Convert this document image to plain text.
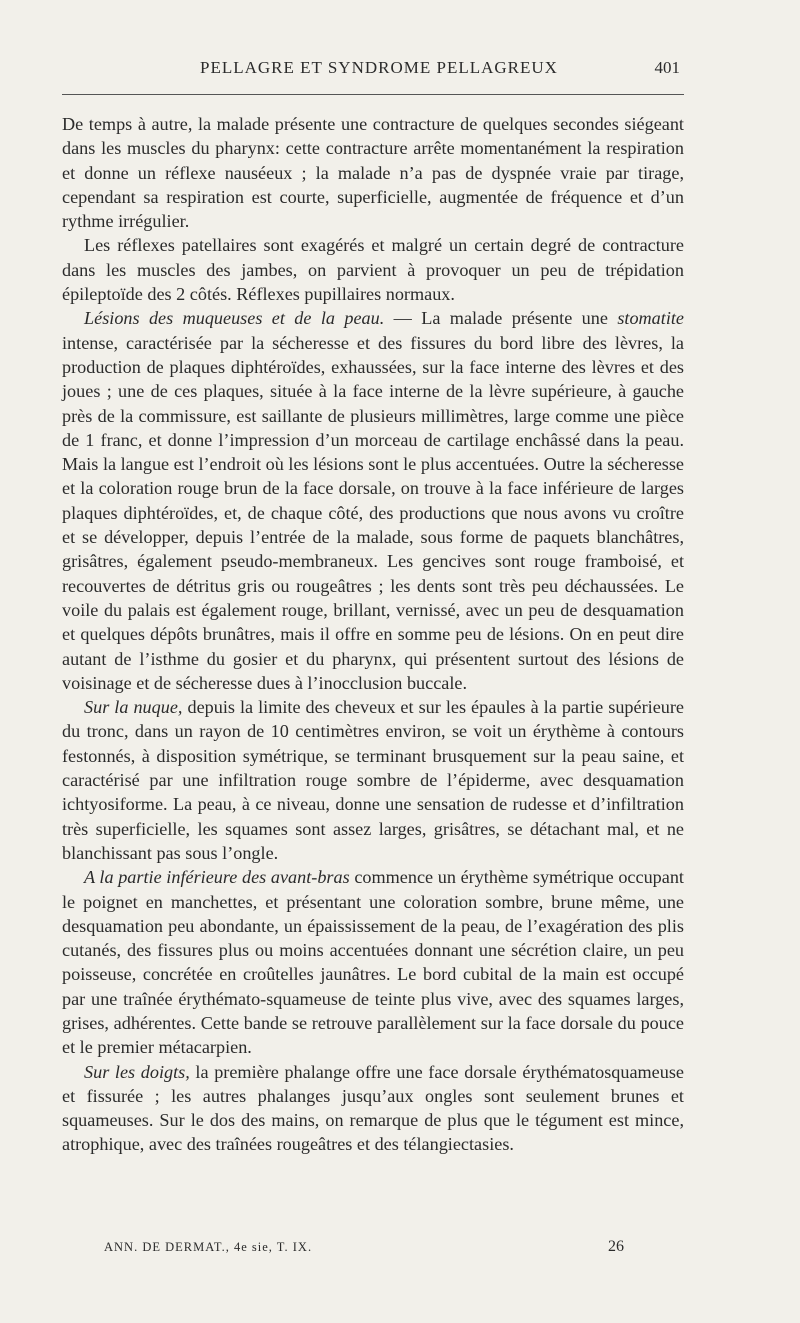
PELLAGRE ET SYNDROME PELLAGREUX	401

De temps à autre, la malade présente une contracture de quelques secondes siégeant dans les muscles du pharynx: cette contracture arrête momentanément la respiration et donne un réflexe nauséeux ; la malade n’a pas de dyspnée vraie par tirage, cependant sa respiration est courte, superficielle, augmentée de fréquence et d’un rythme irrégulier.

Les réflexes patellaires sont exagérés et malgré un certain degré de contracture dans les muscles des jambes, on parvient à provoquer un peu de trépidation épileptoïde des 2 côtés. Réflexes pupillaires normaux.

Lésions des muqueuses et de la peau. — La malade présente une stomatite intense, caractérisée par la sécheresse et des fissures du bord libre des lèvres, la production de plaques diphtéroïdes, exhaussées, sur la face interne des lèvres et des joues ; une de ces plaques, située à la face interne de la lèvre supérieure, à gauche près de la commissure, est saillante de plusieurs millimètres, large comme une pièce de 1 franc, et donne l’impression d’un morceau de cartilage enchâssé dans la peau. Mais la langue est l’endroit où les lésions sont le plus accentuées. Outre la sécheresse et la coloration rouge brun de la face dorsale, on trouve à la face inférieure de larges plaques diphtéroïdes, et, de chaque côté, des productions que nous avons vu croître et se développer, depuis l’entrée de la malade, sous forme de paquets blanchâtres, grisâtres, également pseudo-membraneux. Les gencives sont rouge framboisé, et recouvertes de détritus gris ou rougeâtres ; les dents sont très peu déchaussées. Le voile du palais est également rouge, brillant, vernissé, avec un peu de desquamation et quelques dépôts brunâtres, mais il offre en somme peu de lésions. On en peut dire autant de l’isthme du gosier et du pharynx, qui présentent surtout des lésions de voisinage et de sécheresse dues à l’inocclusion buccale.

Sur la nuque, depuis la limite des cheveux et sur les épaules à la partie supérieure du tronc, dans un rayon de 10 centimètres environ, se voit un érythème à contours festonnés, à disposition symétrique, se terminant brusquement sur la peau saine, et caractérisé par une infiltration rouge sombre de l’épiderme, avec desquamation ichtyosiforme. La peau, à ce niveau, donne une sensation de rudesse et d’infiltration très superficielle, les squames sont assez larges, grisâtres, se détachant mal, et ne blanchissant pas sous l’ongle.

A la partie inférieure des avant-bras commence un érythème symétrique occupant le poignet en manchettes, et présentant une coloration sombre, brune même, une desquamation peu abondante, un épaississement de la peau, de l’exagération des plis cutanés, des fissures plus ou moins accentuées donnant une sécrétion claire, un peu poisseuse, concrétée en croûtelles jaunâtres. Le bord cubital de la main est occupé par une traînée érythémato-squameuse de teinte plus vive, avec des squames larges, grises, adhérentes. Cette bande se retrouve parallèlement sur la face dorsale du pouce et le premier métacarpien.

Sur les doigts, la première phalange offre une face dorsale érythématosquameuse et fissurée ; les autres phalanges jusqu’aux ongles sont seulement brunes et squameuses. Sur le dos des mains, on remarque de plus que le tégument est mince, atrophique, avec des traînées rougeâtres et des télangiectasies.

ANN. DE DERMAT., 4e sie, T. IX.	26
